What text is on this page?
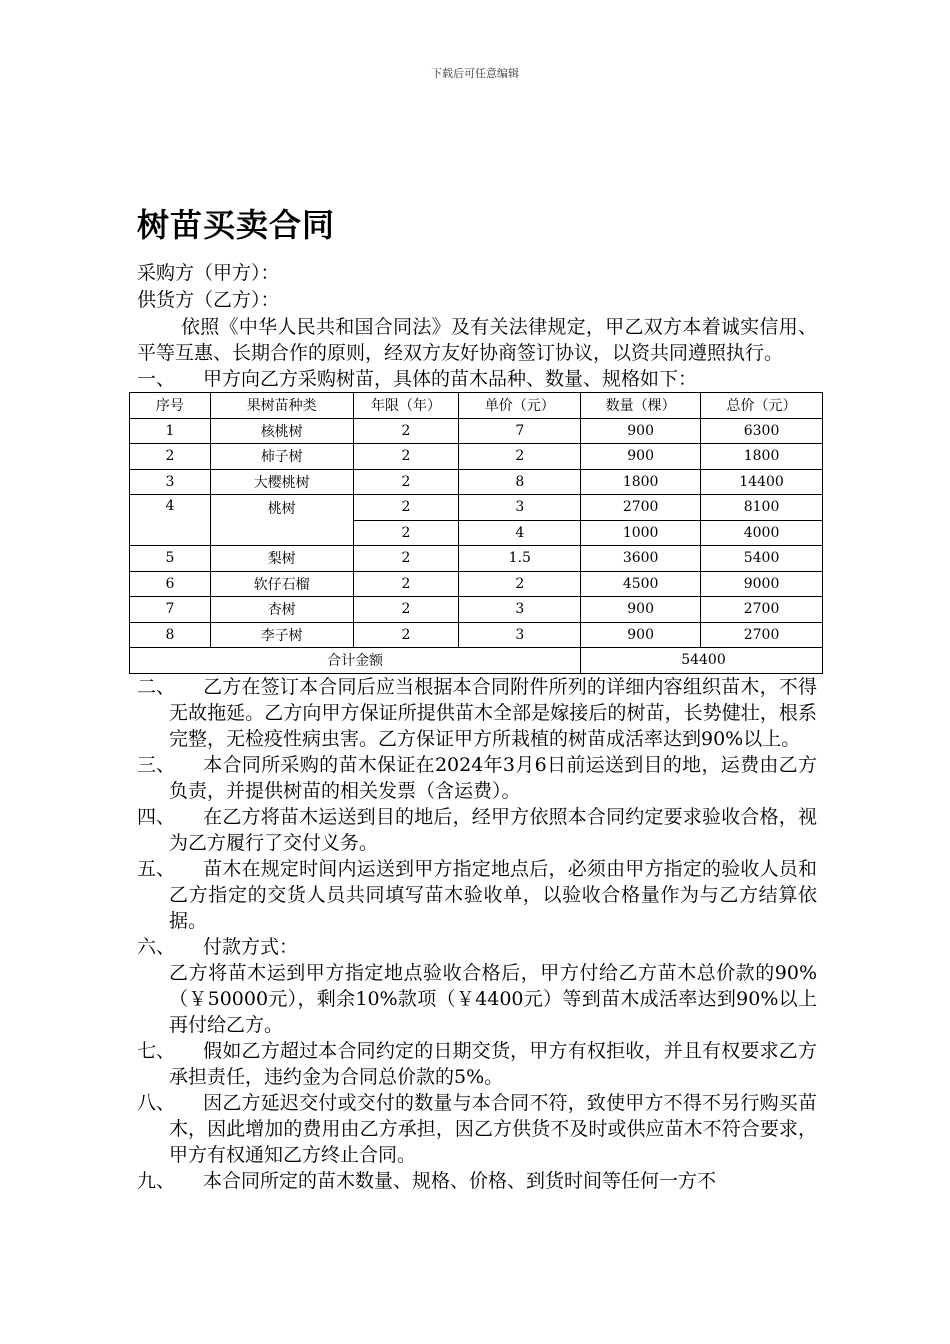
下载后可任意编辑
树苗买卖合同
采购方（甲方）：
供货方（乙方）：
依照《中华人民共和国合同法》及有关法律规定，甲乙双方本着诚实信用、平等互惠、长期合作的原则，经双方友好协商签订协议，以资共同遵照执行。
一、	甲方向乙方采购树苗，具体的苗木品种、数量、规格如下：
序号	果树苗种类	年限（年）	单价（元）	数量（棵）	总价（元）
1	核桃树	2	7	900	6300
2	柿子树	2	2	900	1800
3	大樱桃树	2	8	1800	14400
4	桃树	2	3	2700	8100
		2	4	1000	4000
5	梨树	2	1.5	3600	5400
6	软仔石榴	2	2	4500	9000
7	杏树	2	3	900	2700
8	李子树	2	3	900	2700
合计金额				54400	
二、	乙方在签订本合同后应当根据本合同附件所列的详细内容组织苗木，不得无故拖延。乙方向甲方保证所提供苗木全部是嫁接后的树苗，长势健壮，根系完整，无检疫性病虫害。乙方保证甲方所栽植的树苗成活率达到90%以上。
三、	本合同所采购的苗木保证在2024年3月6日前运送到目的地，运费由乙方负责，并提供树苗的相关发票（含运费）。
四、	在乙方将苗木运送到目的地后，经甲方依照本合同约定要求验收合格，视为乙方履行了交付义务。
五、	苗木在规定时间内运送到甲方指定地点后，必须由甲方指定的验收人员和乙方指定的交货人员共同填写苗木验收单，以验收合格量作为与乙方结算依据。
六、	付款方式：
乙方将苗木运到甲方指定地点验收合格后，甲方付给乙方苗木总价款的90%（￥50000元），剩余10%款项（￥4400元）等到苗木成活率达到90%以上再付给乙方。
七、	假如乙方超过本合同约定的日期交货，甲方有权拒收，并且有权要求乙方承担责任，违约金为合同总价款的5%。
八、	因乙方延迟交付或交付的数量与本合同不符，致使甲方不得不另行购买苗木，因此增加的费用由乙方承担，因乙方供货不及时或供应苗木不符合要求，甲方有权通知乙方终止合同。
九、	本合同所定的苗木数量、规格、价格、到货时间等任何一方不
